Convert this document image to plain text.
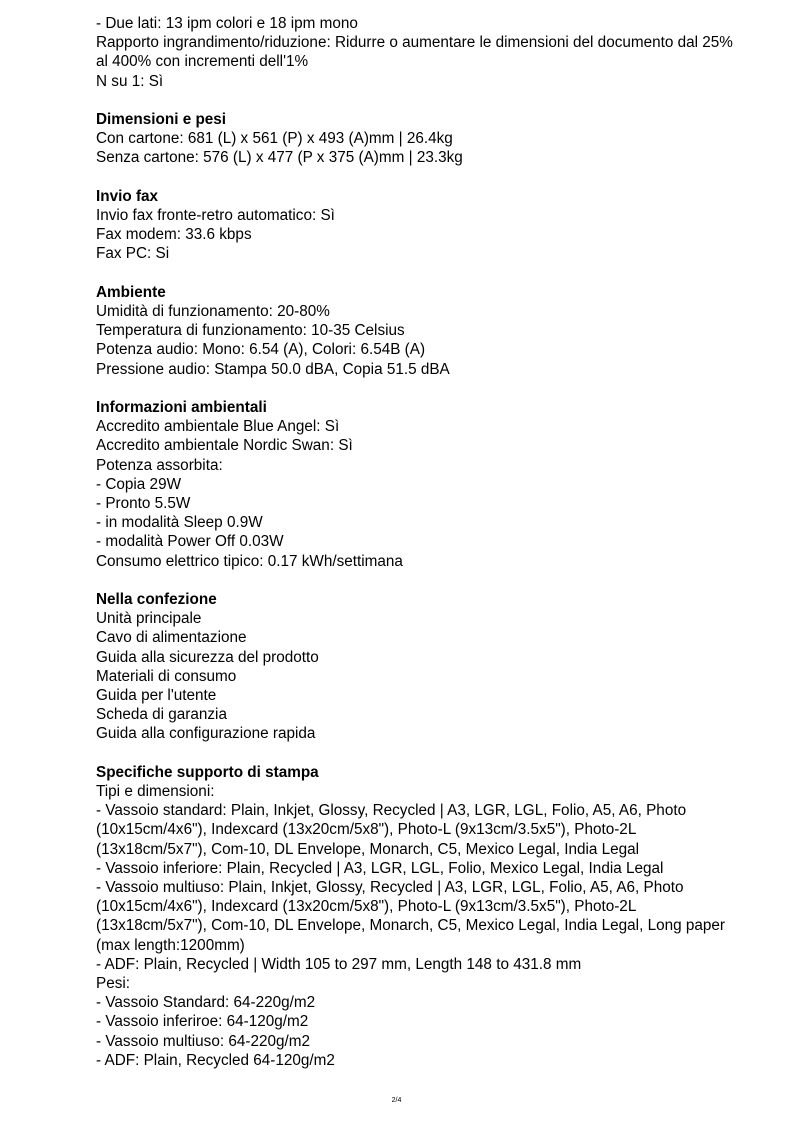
- Due lati: 13 ipm colori e 18 ipm mono
Rapporto ingrandimento/riduzione: Ridurre o aumentare le dimensioni del documento dal 25% al 400% con incrementi dell'1%
N su 1: Sì
Dimensioni e pesi
Con cartone: 681 (L) x 561 (P) x 493 (A)mm | 26.4kg
Senza cartone: 576 (L) x 477 (P x 375 (A)mm | 23.3kg
Invio fax
Invio fax fronte-retro automatico: Sì
Fax modem: 33.6 kbps
Fax PC: Si
Ambiente
Umidità di funzionamento: 20-80%
Temperatura di funzionamento: 10-35 Celsius
Potenza audio: Mono: 6.54 (A), Colori: 6.54B (A)
Pressione audio: Stampa 50.0 dBA, Copia 51.5 dBA
Informazioni ambientali
Accredito ambientale Blue Angel: Sì
Accredito ambientale Nordic Swan: Sì
Potenza assorbita:
- Copia 29W
- Pronto 5.5W
- in modalità Sleep 0.9W
- modalità Power Off 0.03W
Consumo elettrico tipico: 0.17 kWh/settimana
Nella confezione
Unità principale
Cavo di alimentazione
Guida alla sicurezza del prodotto
Materiali di consumo
Guida per l'utente
Scheda di garanzia
Guida alla configurazione rapida
Specifiche supporto di stampa
Tipi e dimensioni:
- Vassoio standard: Plain, Inkjet, Glossy, Recycled | A3, LGR, LGL, Folio, A5, A6, Photo (10x15cm/4x6"), Indexcard (13x20cm/5x8"), Photo-L (9x13cm/3.5x5"), Photo-2L (13x18cm/5x7"), Com-10, DL Envelope, Monarch, C5, Mexico Legal, India Legal
- Vassoio inferiore: Plain, Recycled | A3, LGR, LGL, Folio, Mexico Legal, India Legal
- Vassoio multiuso: Plain, Inkjet, Glossy, Recycled | A3, LGR, LGL, Folio, A5, A6, Photo (10x15cm/4x6"), Indexcard (13x20cm/5x8"), Photo-L (9x13cm/3.5x5"), Photo-2L (13x18cm/5x7"), Com-10, DL Envelope, Monarch, C5, Mexico Legal, India Legal, Long paper (max length:1200mm)
- ADF: Plain, Recycled | Width 105 to 297 mm, Length 148 to 431.8 mm
Pesi:
- Vassoio Standard: 64-220g/m2
- Vassoio inferiroe: 64-120g/m2
- Vassoio multiuso: 64-220g/m2
- ADF: Plain, Recycled 64-120g/m2
2/4
